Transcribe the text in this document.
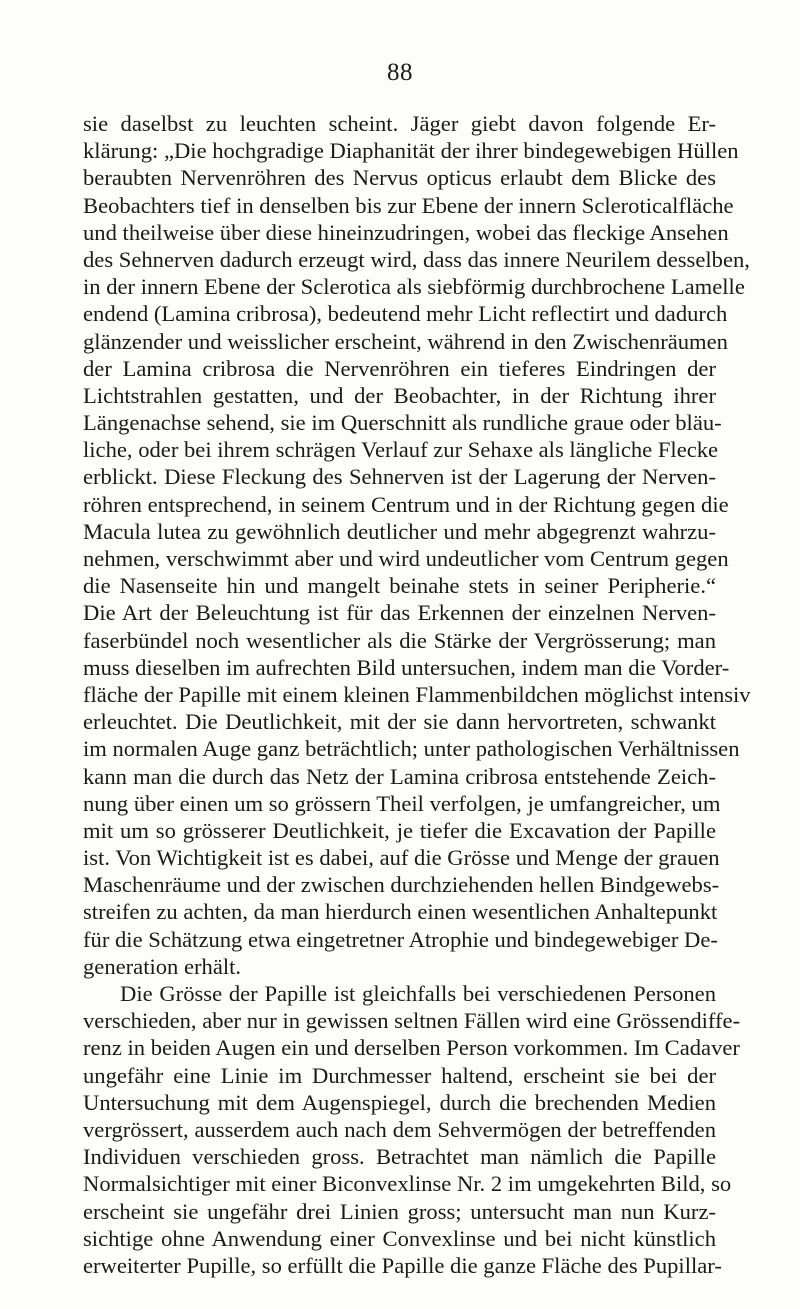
88
sie daselbst zu leuchten scheint. Jäger giebt davon folgende Er-
klärung: „Die hochgradige Diaphanität der ihrer bindegewebigen Hüllen
beraubten Nervenröhren des Nervus opticus erlaubt dem Blicke des
Beobachters tief in denselben bis zur Ebene der innern Scleroticalfläche
und theilweise über diese hineinzudringen, wobei das fleckige Ansehen
des Sehnerven dadurch erzeugt wird, dass das innere Neurilem desselben,
in der innern Ebene der Sclerotica als siebförmig durchbrochene Lamelle
endend (Lamina cribrosa), bedeutend mehr Licht reflectirt und dadurch
glänzender und weisslicher erscheint, während in den Zwischenräumen
der Lamina cribrosa die Nervenröhren ein tieferes Eindringen der
Lichtstrahlen gestatten, und der Beobachter, in der Richtung ihrer
Längenachse sehend, sie im Querschnitt als rundliche graue oder bläu-
liche, oder bei ihrem schrägen Verlauf zur Sehaxe als längliche Flecke
erblickt. Diese Fleckung des Sehnerven ist der Lagerung der Nerven-
röhren entsprechend, in seinem Centrum und in der Richtung gegen die
Macula lutea zu gewöhnlich deutlicher und mehr abgegrenzt wahrzu-
nehmen, verschwimmt aber und wird undeutlicher vom Centrum gegen
die Nasenseite hin und mangelt beinahe stets in seiner Peripherie.“
Die Art der Beleuchtung ist für das Erkennen der einzelnen Nerven-
faserbündel noch wesentlicher als die Stärke der Vergrösserung; man
muss dieselben im aufrechten Bild untersuchen, indem man die Vorder-
fläche der Papille mit einem kleinen Flammenbildchen möglichst intensiv
erleuchtet. Die Deutlichkeit, mit der sie dann hervortreten, schwankt
im normalen Auge ganz beträchtlich; unter pathologischen Verhältnissen
kann man die durch das Netz der Lamina cribrosa entstehende Zeich-
nung über einen um so grössern Theil verfolgen, je umfangreicher, um
mit um so grösserer Deutlichkeit, je tiefer die Excavation der Papille
ist. Von Wichtigkeit ist es dabei, auf die Grösse und Menge der grauen
Maschenräume und der zwischen durchziehenden hellen Bindgewebs-
streifen zu achten, da man hierdurch einen wesentlichen Anhaltepunkt
für die Schätzung etwa eingetretner Atrophie und bindegewebiger De-
generation erhält.
Die Grösse der Papille ist gleichfalls bei verschiedenen Personen
verschieden, aber nur in gewissen seltnen Fällen wird eine Grössendiffe-
renz in beiden Augen ein und derselben Person vorkommen. Im Cadaver
ungefähr eine Linie im Durchmesser haltend, erscheint sie bei der
Untersuchung mit dem Augenspiegel, durch die brechenden Medien
vergrössert, ausserdem auch nach dem Sehvermögen der betreffenden
Individuen verschieden gross. Betrachtet man nämlich die Papille
Normalsichtiger mit einer Biconvexlinse Nr. 2 im umgekehrten Bild, so
erscheint sie ungefähr drei Linien gross; untersucht man nun Kurz-
sichtige ohne Anwendung einer Convexlinse und bei nicht künstlich
erweiterter Pupille, so erfüllt die Papille die ganze Fläche des Pupillar-
